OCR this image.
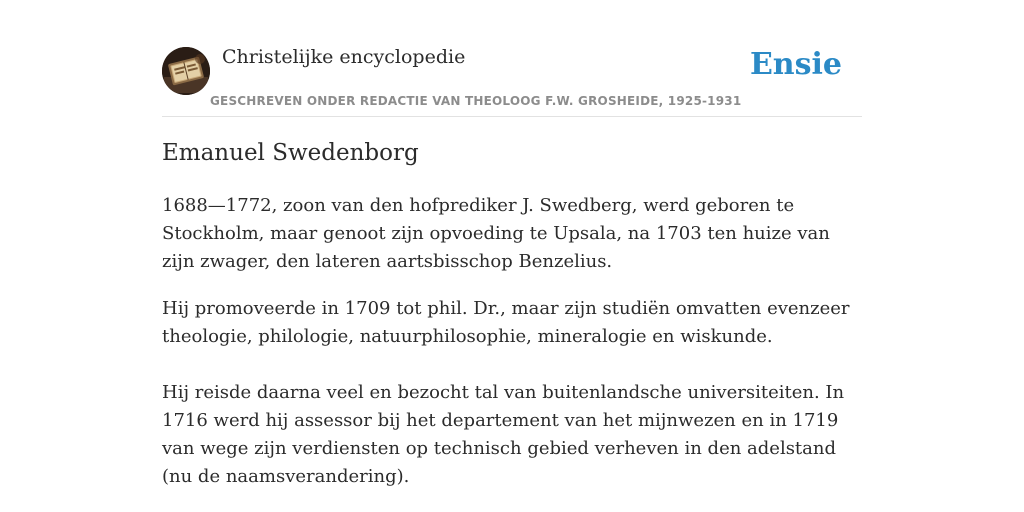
Christelijke encyclopedie
GESCHREVEN ONDER REDACTIE VAN THEOLOOG F.W. GROSHEIDE, 1925-1931
Ensie
Emanuel Swedenborg

1688—1772, zoon van den hofprediker J. Swedberg, werd geboren te Stockholm, maar genoot zijn opvoeding te Upsala, na 1703 ten huize van zijn zwager, den lateren aartsbisschop Benzelius.

Hij promoveerde in 1709 tot phil. Dr., maar zijn studiën omvatten evenzeer theologie, philologie, natuurphilosophie, mineralogie en wiskunde.

Hij reisde daarna veel en bezocht tal van buitenlandsche universiteiten. In 1716 werd hij assessor bij het departement van het mijnwezen en in 1719 van wege zijn verdiensten op technisch gebied verheven in den adelstand (nu de naamsverandering).
